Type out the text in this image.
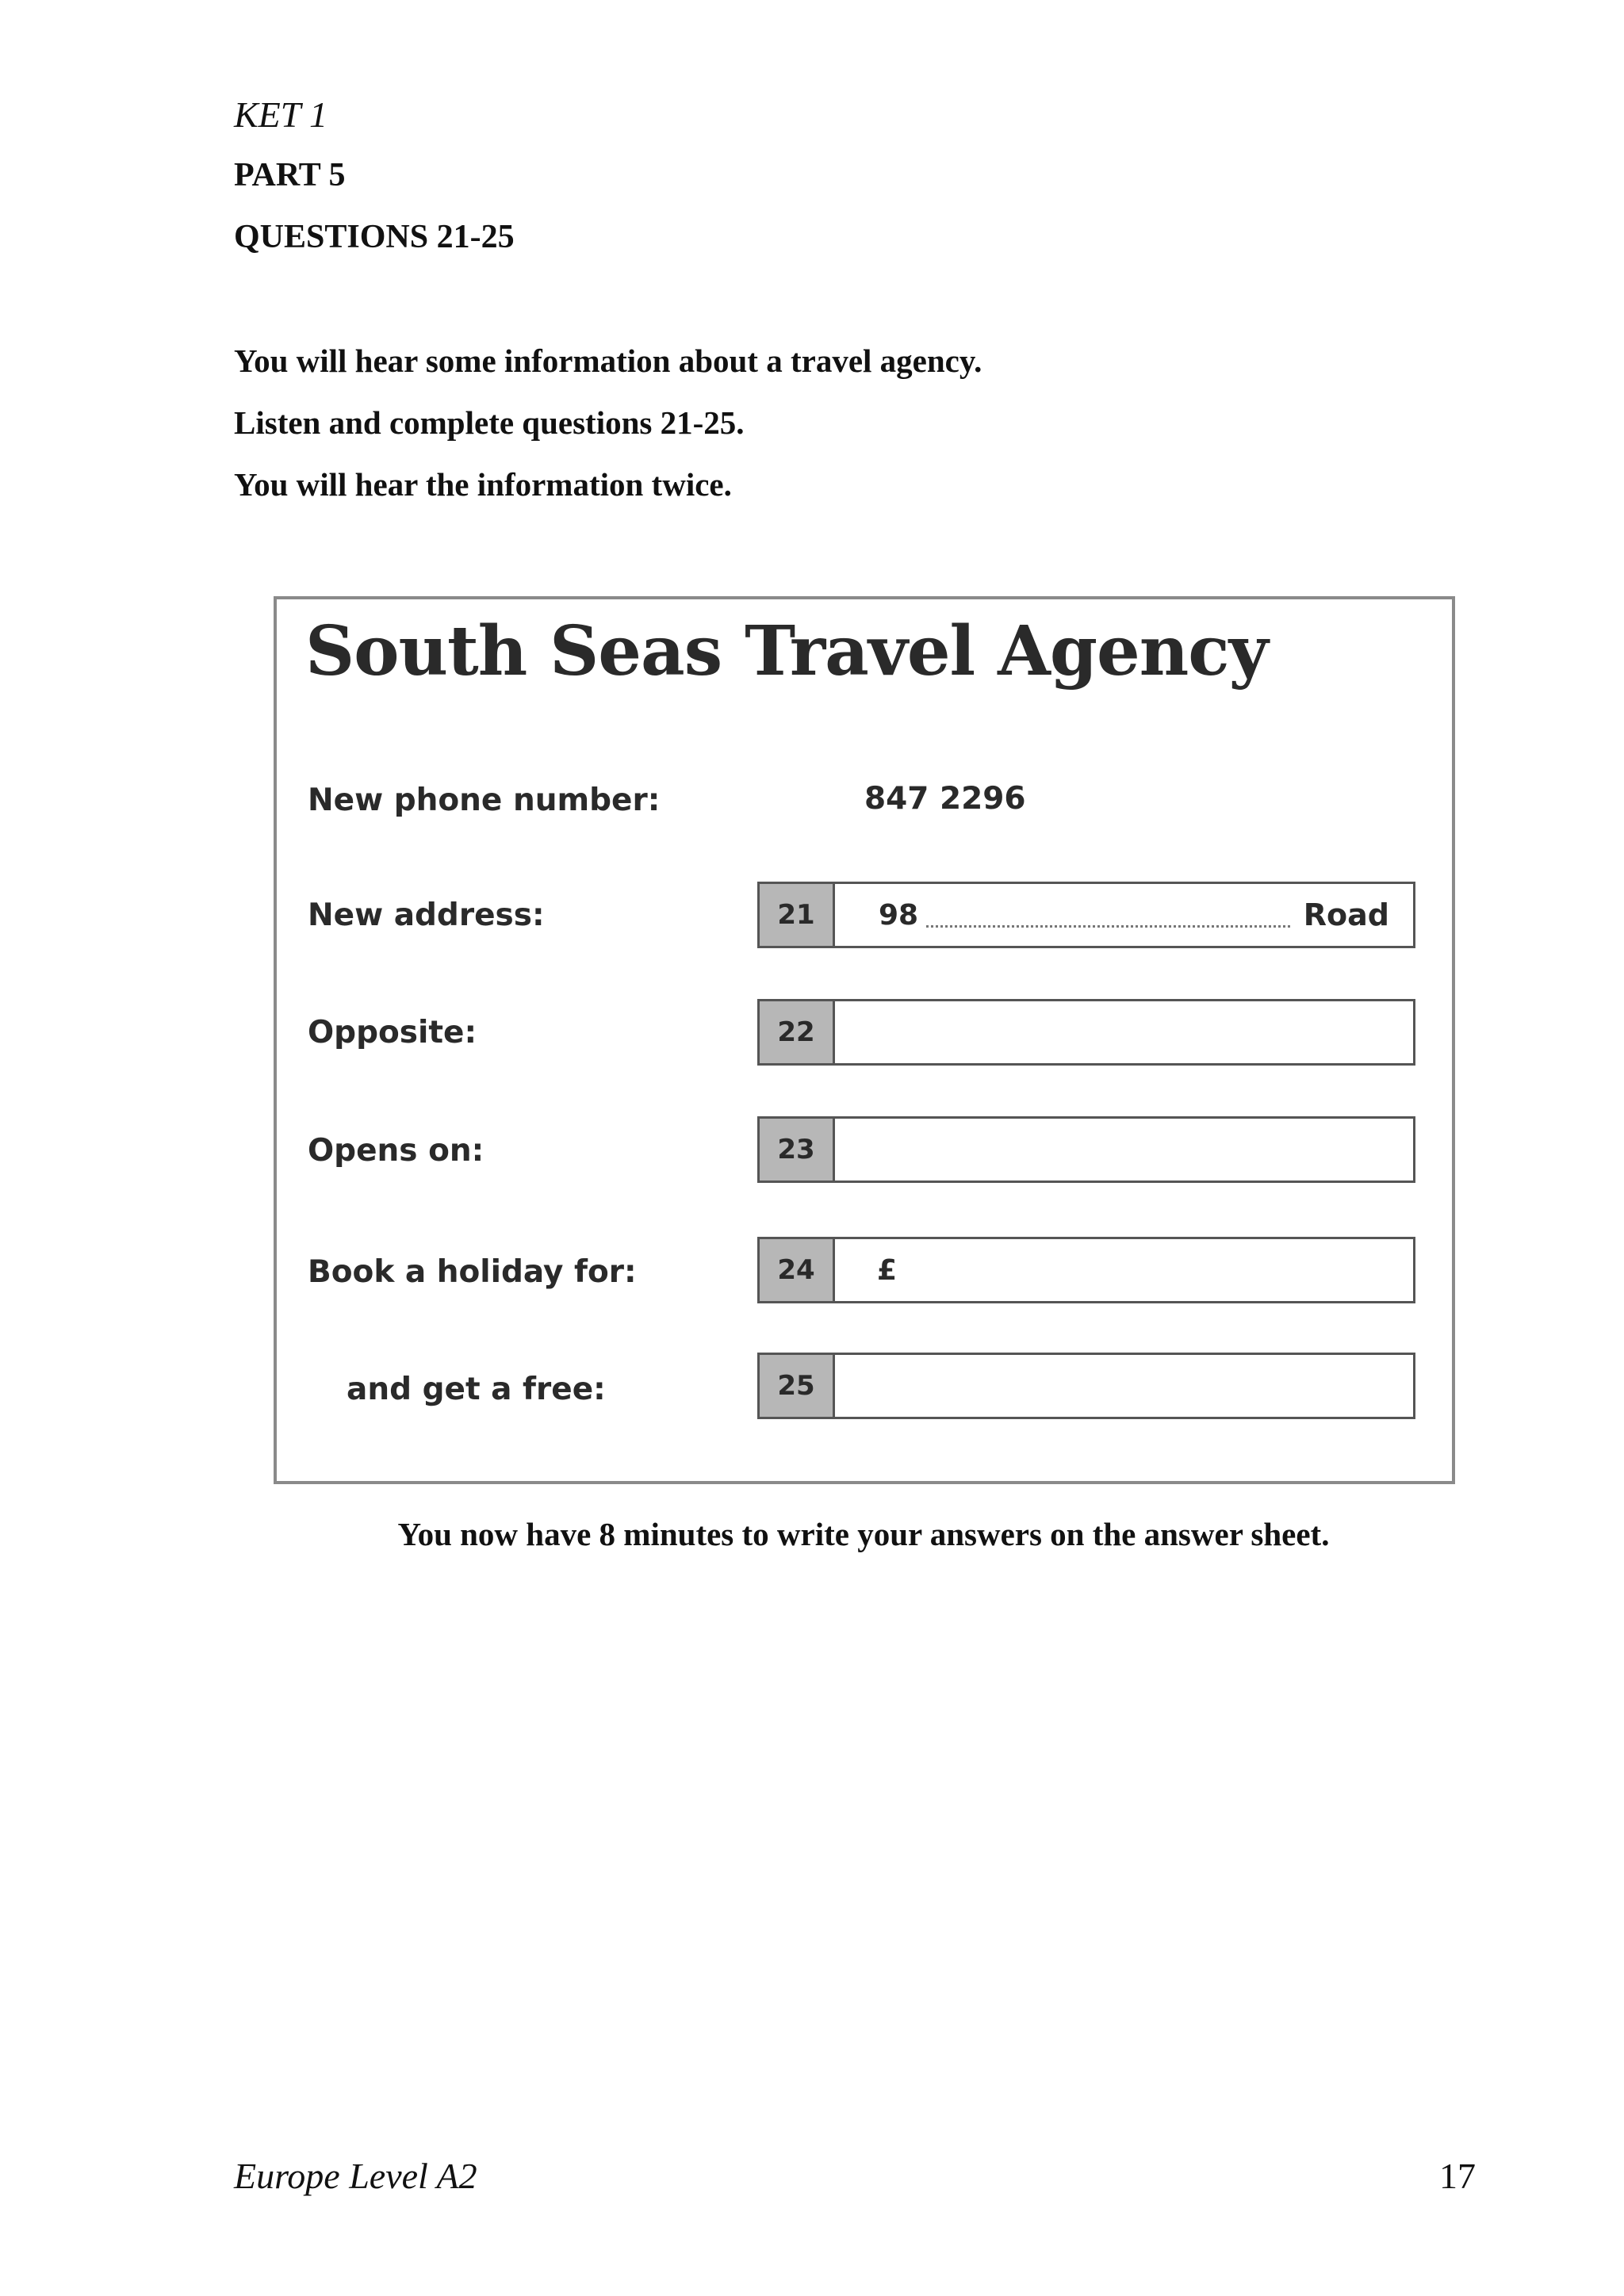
KET 1
PART 5
QUESTIONS 21-25
You will hear some information about a travel agency.
Listen and complete questions 21-25.
You will hear the information twice.
South Seas Travel Agency
New phone number:	847 2296
New address:	21	98	Road
Opposite:	22
Opens on:	23
Book a holiday for:	24	£
and get a free:	25
You now have 8 minutes to write your answers on the answer sheet.
Europe Level A2	17
